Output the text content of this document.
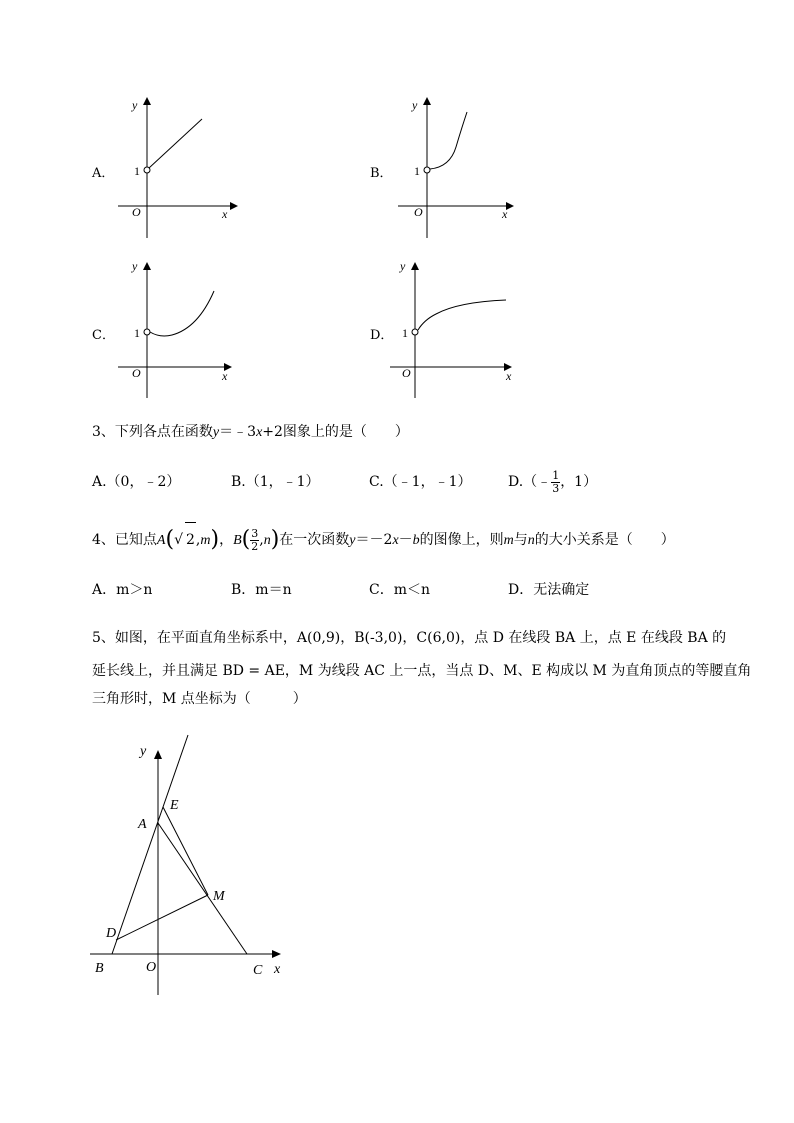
A．
y
x
O
1	B．
y
x
O
1
C．
y
x
O
1	D．
y
x
O
1
3、下列各点在函数y＝﹣3x+2图象上的是（　　）
A.（0，﹣2）	B.（1，﹣1）	C.（﹣1，﹣1）	D.（﹣ $\frac{1}{3}$ ，1）
4、已知点A(√ 2,m)，$B( \frac{3}{2} ,n)$在一次函数y＝－2x－b的图像上，则m与n的大小关系是（　　）
A．m＞n	B．m＝n	C．m＜n	D．无法确定
5、如图，在平面直角坐标系中，A(0,9)，B(-3,0)，C(6,0)，点 D 在线段 BA 上，点 E 在线段 BA 的
延长线上，并且满足 BD = AE，M 为线段 AC 上一点，当点 D、M、E 构成以 M 为直角顶点的等腰直角
三角形时，M 点坐标为（　　　）
y
x
O
A
B	C
D
E
M
